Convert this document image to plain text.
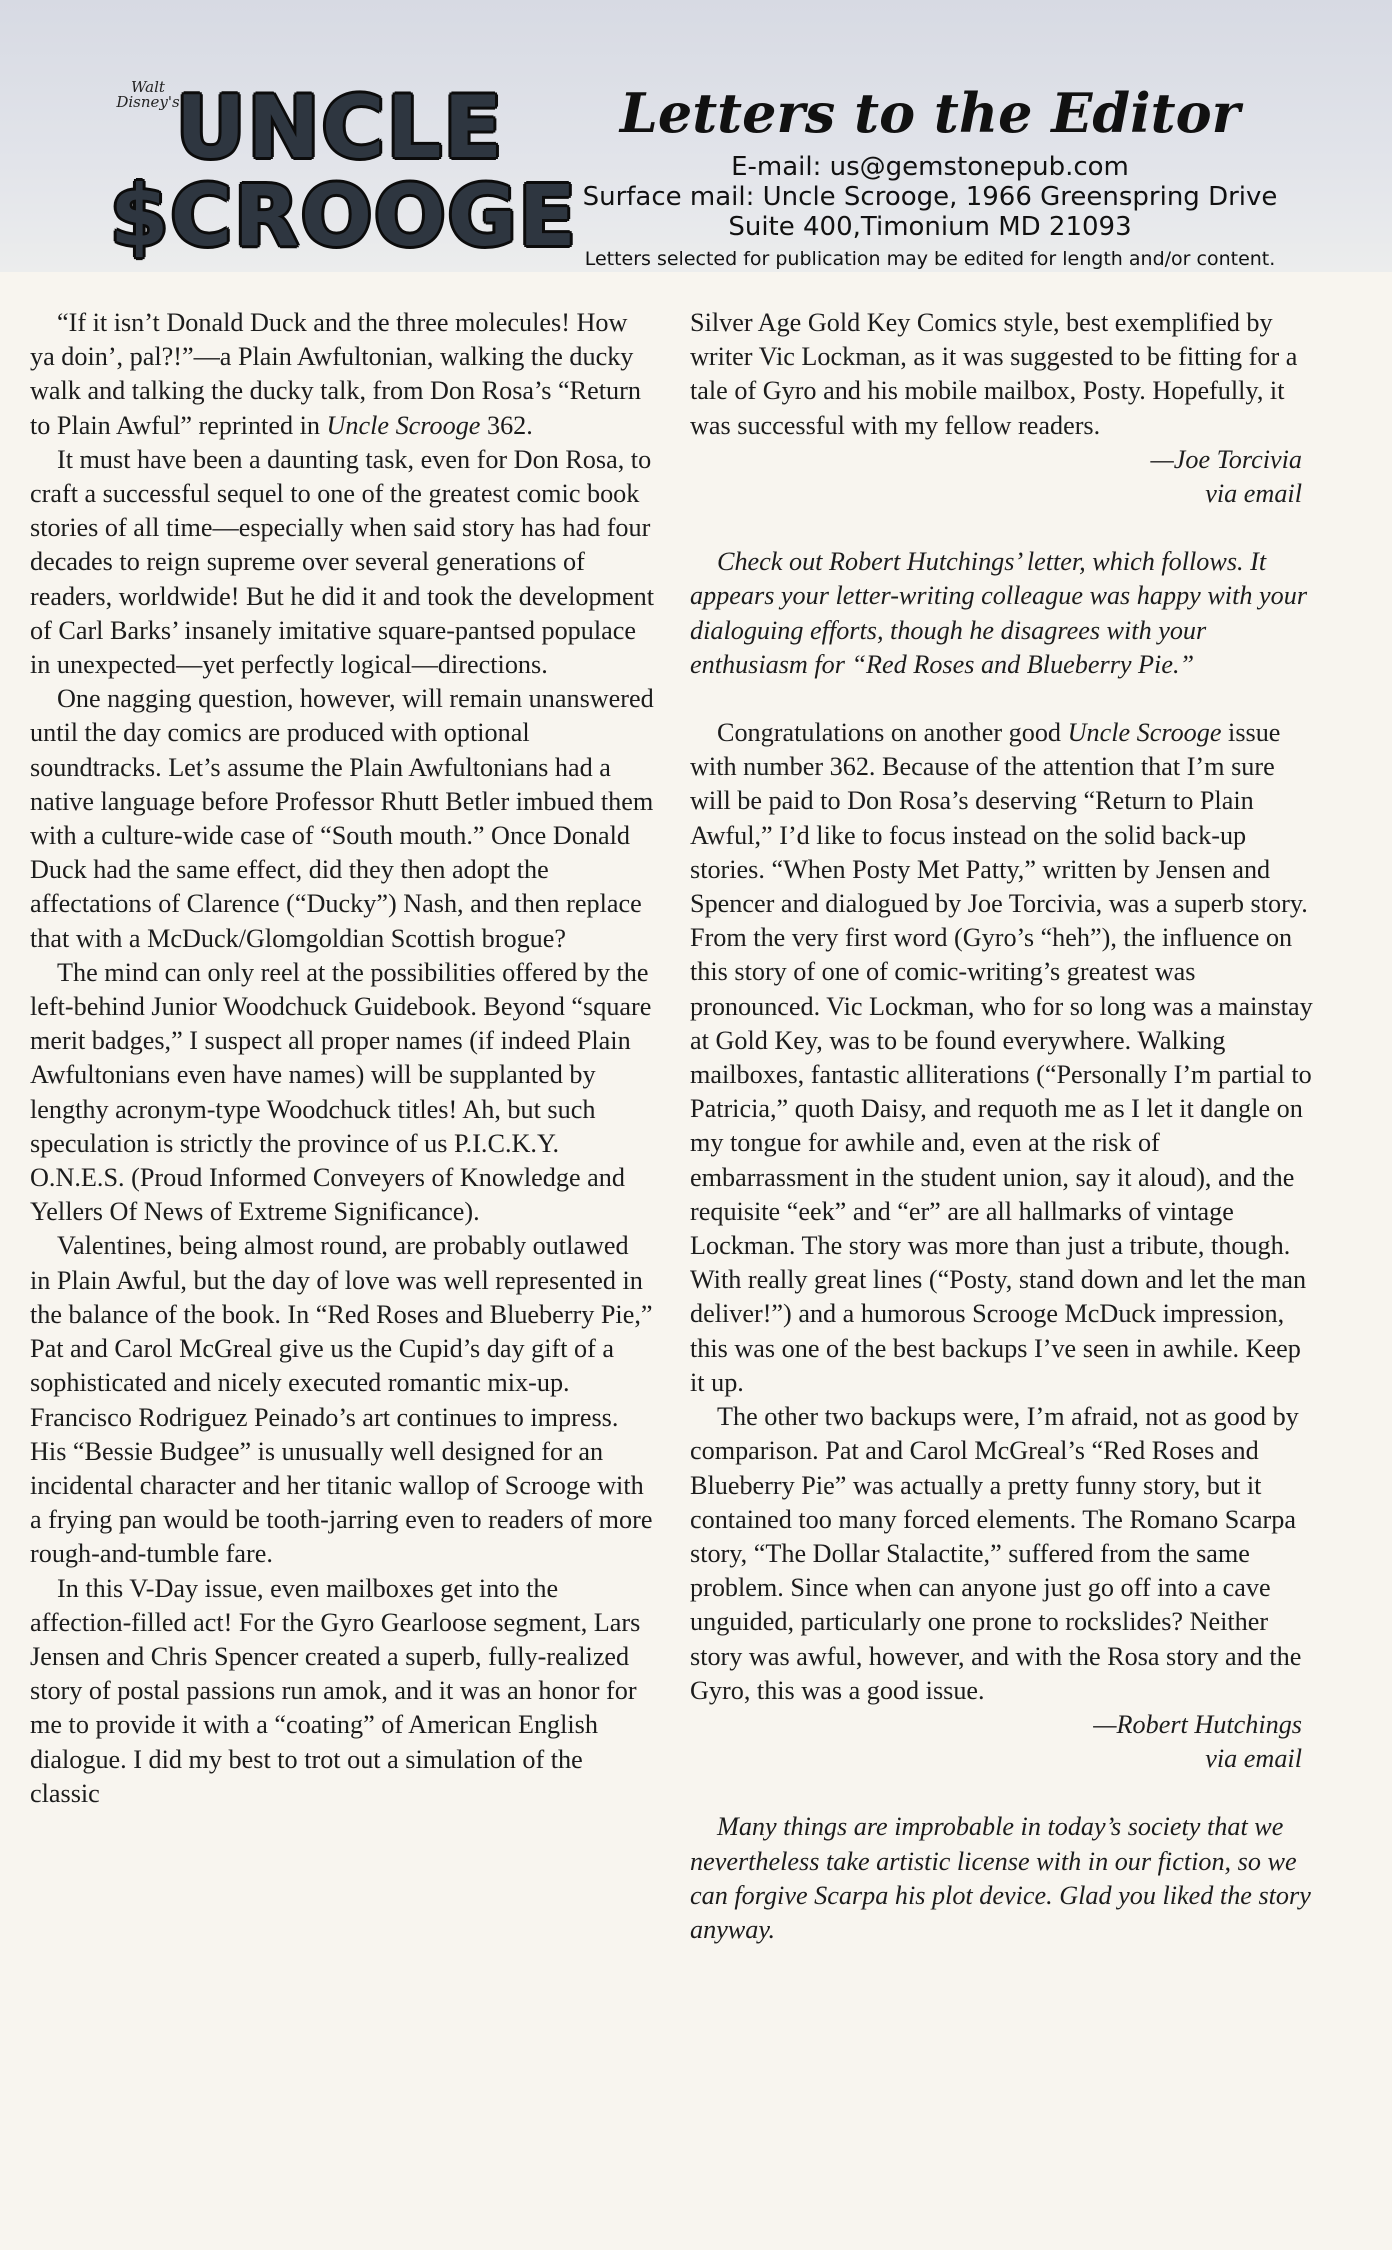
Walt
Disney's
UNCLE
$CROOGE
Letters to the Editor
E-mail: us@gemstonepub.com
Surface mail: Uncle Scrooge, 1966 Greenspring Drive
Suite 400,Timonium MD 21093
Letters selected for publication may be edited for length and/or content.

“If it isn’t Donald Duck and the three molecules! How ya doin’, pal?!”—a Plain Awfultonian, walking the ducky walk and talking the ducky talk, from Don Rosa’s “Return to Plain Awful” reprinted in Uncle Scrooge 362.

It must have been a daunting task, even for Don Rosa, to craft a successful sequel to one of the greatest comic book stories of all time—especially when said story has had four decades to reign supreme over several generations of readers, worldwide! But he did it and took the development of Carl Barks’ insanely imitative square-pantsed populace in unexpected—yet perfectly logical—directions.

One nagging question, however, will remain unanswered until the day comics are produced with optional soundtracks. Let’s assume the Plain Awfultonians had a native language before Professor Rhutt Betler imbued them with a culture-wide case of “South mouth.” Once Donald Duck had the same effect, did they then adopt the affectations of Clarence (“Ducky”) Nash, and then replace that with a McDuck/Glomgoldian Scottish brogue?

The mind can only reel at the possibilities offered by the left-behind Junior Woodchuck Guidebook. Beyond “square merit badges,” I suspect all proper names (if indeed Plain Awfultonians even have names) will be supplanted by lengthy acronym-type Woodchuck titles! Ah, but such speculation is strictly the province of us P.I.C.K.Y. O.N.E.S. (Proud Informed Conveyers of Knowledge and Yellers Of News of Extreme Significance).

Valentines, being almost round, are probably outlawed in Plain Awful, but the day of love was well represented in the balance of the book. In “Red Roses and Blueberry Pie,” Pat and Carol McGreal give us the Cupid’s day gift of a sophisticated and nicely executed romantic mix-up. Francisco Rodriguez Peinado’s art continues to impress. His “Bessie Budgee” is unusually well designed for an incidental character and her titanic wallop of Scrooge with a frying pan would be tooth-jarring even to readers of more rough-and-tumble fare.

In this V-Day issue, even mailboxes get into the affection-filled act! For the Gyro Gearloose segment, Lars Jensen and Chris Spencer created a superb, fully-realized story of postal passions run amok, and it was an honor for me to provide it with a “coating” of American English dialogue. I did my best to trot out a simulation of the classic

Silver Age Gold Key Comics style, best exemplified by writer Vic Lockman, as it was suggested to be fitting for a tale of Gyro and his mobile mailbox, Posty. Hopefully, it was successful with my fellow readers.

—Joe Torcivia

via email

Check out Robert Hutchings’ letter, which follows. It appears your letter-writing colleague was happy with your dialoguing efforts, though he disagrees with your enthusiasm for “Red Roses and Blueberry Pie.”

Congratulations on another good Uncle Scrooge issue with number 362. Because of the attention that I’m sure will be paid to Don Rosa’s deserving “Return to Plain Awful,” I’d like to focus instead on the solid back-up stories. “When Posty Met Patty,” written by Jensen and Spencer and dialogued by Joe Torcivia, was a superb story. From the very first word (Gyro’s “heh”), the influence on this story of one of comic-writing’s greatest was pronounced. Vic Lockman, who for so long was a mainstay at Gold Key, was to be found everywhere. Walking mailboxes, fantastic alliterations (“Personally I’m partial to Patricia,” quoth Daisy, and requoth me as I let it dangle on my tongue for awhile and, even at the risk of embarrassment in the student union, say it aloud), and the requisite “eek” and “er” are all hallmarks of vintage Lockman. The story was more than just a tribute, though. With really great lines (“Posty, stand down and let the man deliver!”) and a humorous Scrooge McDuck impression, this was one of the best backups I’ve seen in awhile. Keep it up.

The other two backups were, I’m afraid, not as good by comparison. Pat and Carol McGreal’s “Red Roses and Blueberry Pie” was actually a pretty funny story, but it contained too many forced elements. The Romano Scarpa story, “The Dollar Stalactite,” suffered from the same problem. Since when can anyone just go off into a cave unguided, particularly one prone to rockslides? Neither story was awful, however, and with the Rosa story and the Gyro, this was a good issue.

—Robert Hutchings

via email

Many things are improbable in today’s society that we nevertheless take artistic license with in our fiction, so we can forgive Scarpa his plot device. Glad you liked the story anyway.
